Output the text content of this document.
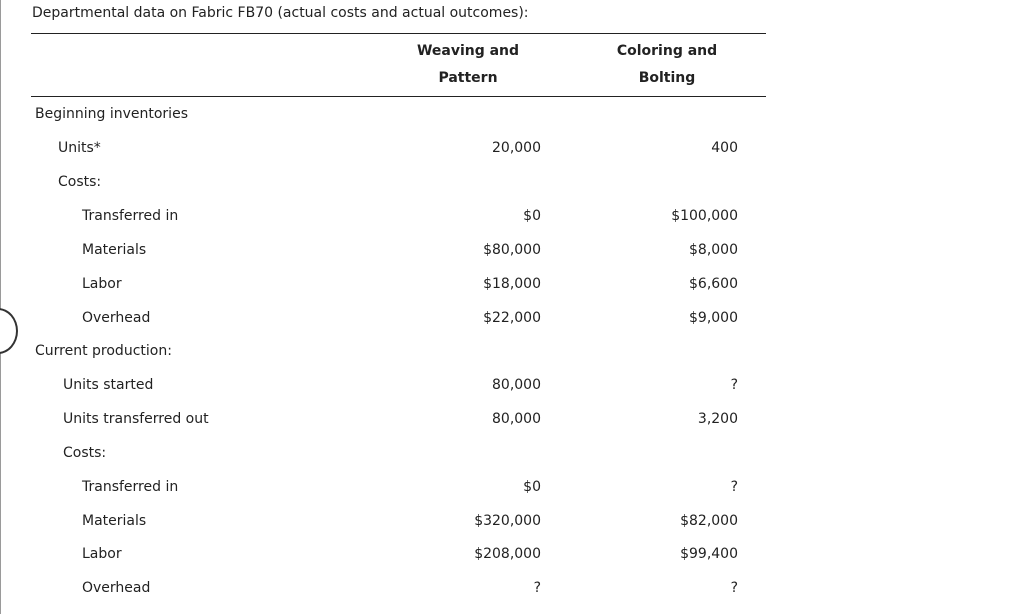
Departmental data on Fabric FB70 (actual costs and actual outcomes):
Weaving and
Pattern
Coloring and
Bolting
Beginning inventories
Units*	20,000	400
Costs:
Transferred in	$0	$100,000
Materials	$80,000	$8,000
Labor	$18,000	$6,600
Overhead	$22,000	$9,000
Current production:
Units started	80,000	?
Units transferred out	80,000	3,200
Costs:
Transferred in	$0	?
Materials	$320,000	$82,000
Labor	$208,000	$99,400
Overhead	?	?
